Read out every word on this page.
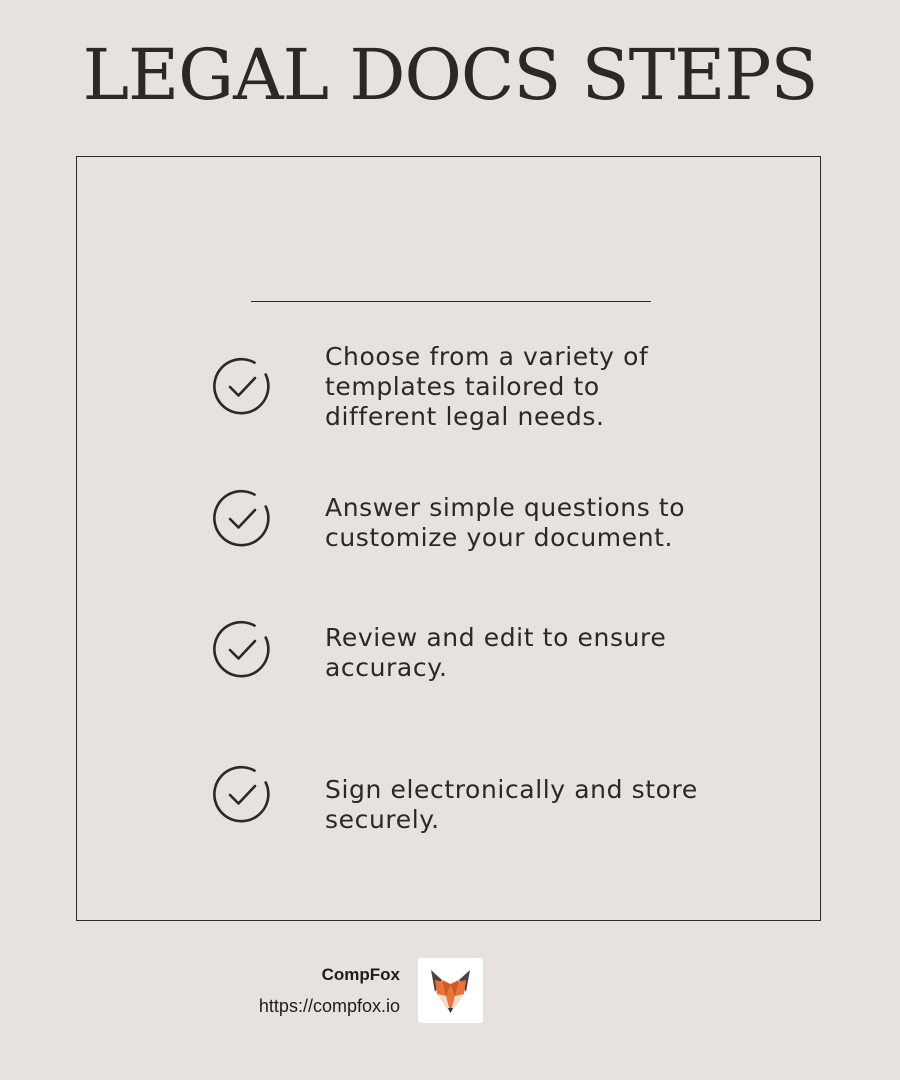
LEGAL DOCS STEPS

Choose from a variety of
templates tailored to
different legal needs.

Answer simple questions to
customize your document.

Review and edit to ensure
accuracy.

Sign electronically and store
securely.

CompFox
https://compfox.io
